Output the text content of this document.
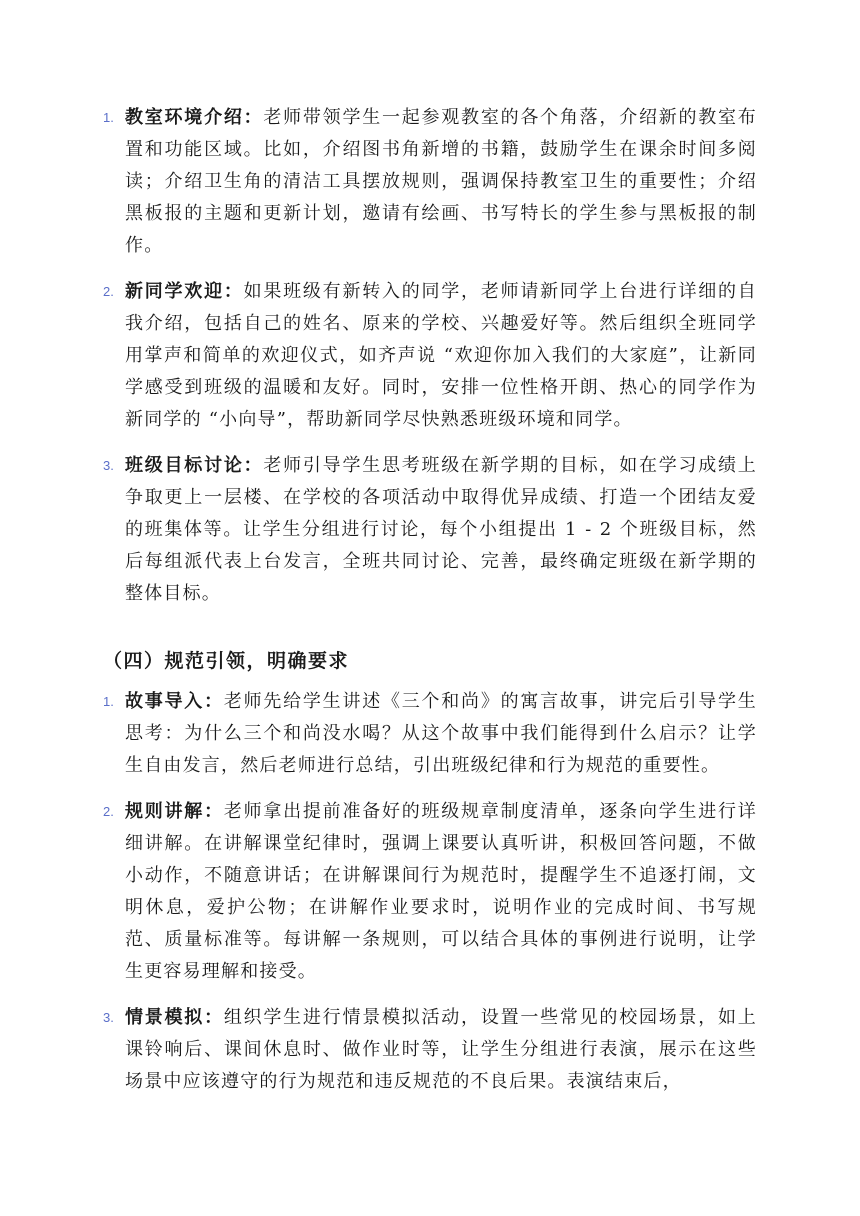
1. 教室环境介绍：老师带领学生一起参观教室的各个角落，介绍新的教室布置和功能区域。比如，介绍图书角新增的书籍，鼓励学生在课余时间多阅读；介绍卫生角的清洁工具摆放规则，强调保持教室卫生的重要性；介绍黑板报的主题和更新计划，邀请有绘画、书写特长的学生参与黑板报的制作。
2. 新同学欢迎：如果班级有新转入的同学，老师请新同学上台进行详细的自我介绍，包括自己的姓名、原来的学校、兴趣爱好等。然后组织全班同学用掌声和简单的欢迎仪式，如齐声说 “欢迎你加入我们的大家庭”，让新同学感受到班级的温暖和友好。同时，安排一位性格开朗、热心的同学作为新同学的 “小向导”，帮助新同学尽快熟悉班级环境和同学。
3. 班级目标讨论：老师引导学生思考班级在新学期的目标，如在学习成绩上争取更上一层楼、在学校的各项活动中取得优异成绩、打造一个团结友爱的班集体等。让学生分组进行讨论，每个小组提出 1 - 2 个班级目标，然后每组派代表上台发言，全班共同讨论、完善，最终确定班级在新学期的整体目标。
（四）规范引领，明确要求
1. 故事导入：老师先给学生讲述《三个和尚》的寓言故事，讲完后引导学生思考：为什么三个和尚没水喝？从这个故事中我们能得到什么启示？让学生自由发言，然后老师进行总结，引出班级纪律和行为规范的重要性。
2. 规则讲解：老师拿出提前准备好的班级规章制度清单，逐条向学生进行详细讲解。在讲解课堂纪律时，强调上课要认真听讲，积极回答问题，不做小动作，不随意讲话；在讲解课间行为规范时，提醒学生不追逐打闹，文明休息，爱护公物；在讲解作业要求时，说明作业的完成时间、书写规范、质量标准等。每讲解一条规则，可以结合具体的事例进行说明，让学生更容易理解和接受。
3. 情景模拟：组织学生进行情景模拟活动，设置一些常见的校园场景，如上课铃响后、课间休息时、做作业时等，让学生分组进行表演，展示在这些场景中应该遵守的行为规范和违反规范的不良后果。表演结束后，
